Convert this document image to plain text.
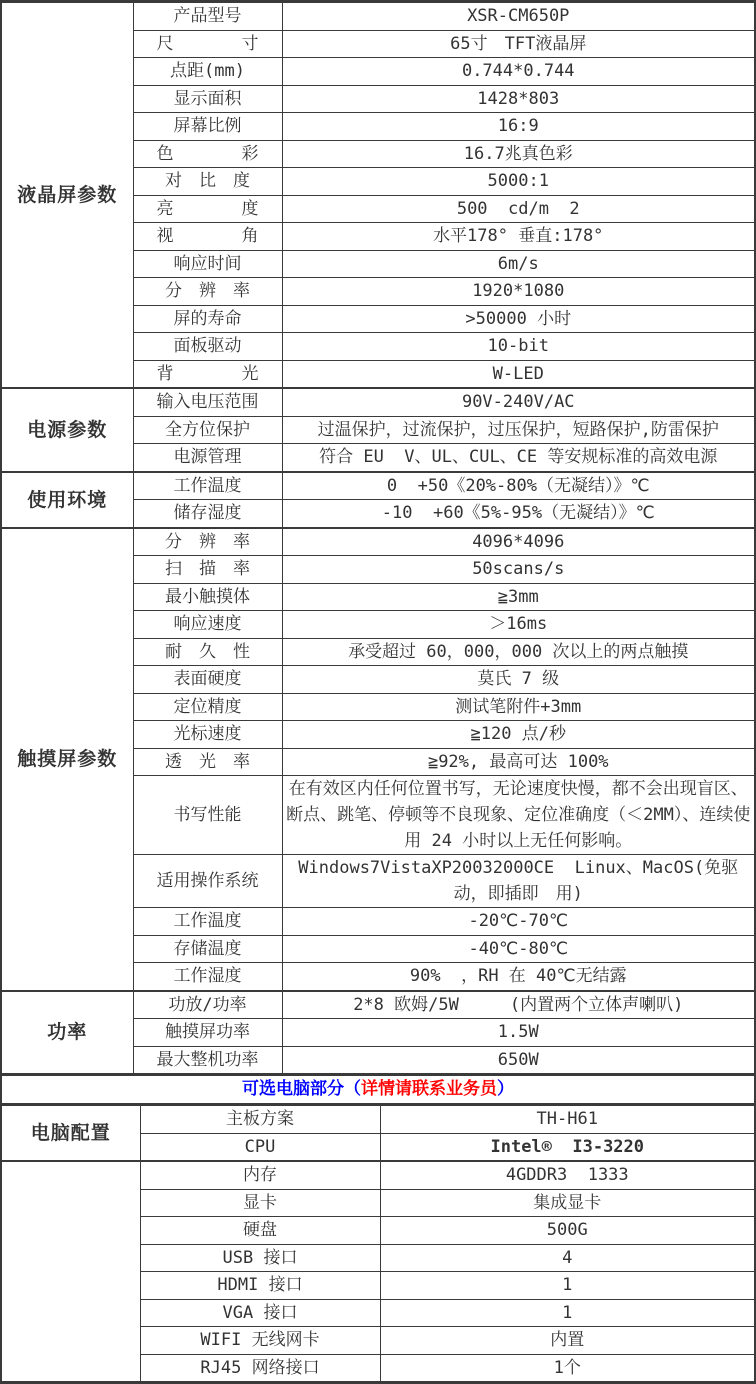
液晶屏参数	产品型号	XSR-CM650P
	尺　　　　寸	65寸　TFT液晶屏
	点距(mm)	0.744*0.744
	显示面积	1428*803
	屏幕比例	16:9
	色　　　　彩	16.7兆真色彩
	对　比　度	5000:1
	亮　　　　度	500  cd/m  2
	视　　　　角	水平178° 垂直:178°
	响应时间	6m/s
	分　辨　率	1920*1080
	屏的寿命	>50000 小时
	面板驱动	10-bit
	背　　　　光	W-LED
电源参数	输入电压范围	90V-240V/AC
	全方位保护	过温保护，过流保护，过压保护，短路保护,防雷保护
	电源管理	符合 EU  V、UL、CUL、CE 等安规标准的高效电源
使用环境	工作温度	0  +50《20%-80%（无凝结）》℃
	储存湿度	-10  +60《5%-95%（无凝结）》℃
触摸屏参数	分　辨　率	4096*4096
	扫　描　率	50scans/s
	最小触摸体	≧3mm
	响应速度	＞16ms
	耐　久　性	承受超过 60，000，000 次以上的两点触摸
	表面硬度	莫氏 7 级
	定位精度	测试笔附件+3mm
	光标速度	≧120 点/秒
	透　光　率	≧92%, 最高可达 100%
	书写性能	在有效区内任何位置书写，无论速度快慢，都不会出现盲区、断点、跳笔、停顿等不良现象、定位准确度（＜2MM）、连续使用 24 小时以上无任何影响。
	适用操作系统	Windows7VistaXP20032000CE  Linux、MacOS(免驱动，即插即　用)
	工作温度	-20℃-70℃
	存储温度	-40℃-80℃
	工作湿度	90%  ，RH 在 40℃无结露
功率	功放/功率	2*8 欧姆/5W　　　(内置两个立体声喇叭)
	触摸屏功率	1.5W
	最大整机功率	650W
可选电脑部分（详情请联系业务员）
电脑配置	主板方案	TH-H61
	CPU	Intel®  I3-3220
	内存	4GDDR3  1333
	显卡	集成显卡
	硬盘	500G
	USB 接口	4
	HDMI 接口	1
	VGA 接口	1
	WIFI 无线网卡	内置
	RJ45 网络接口	1个
